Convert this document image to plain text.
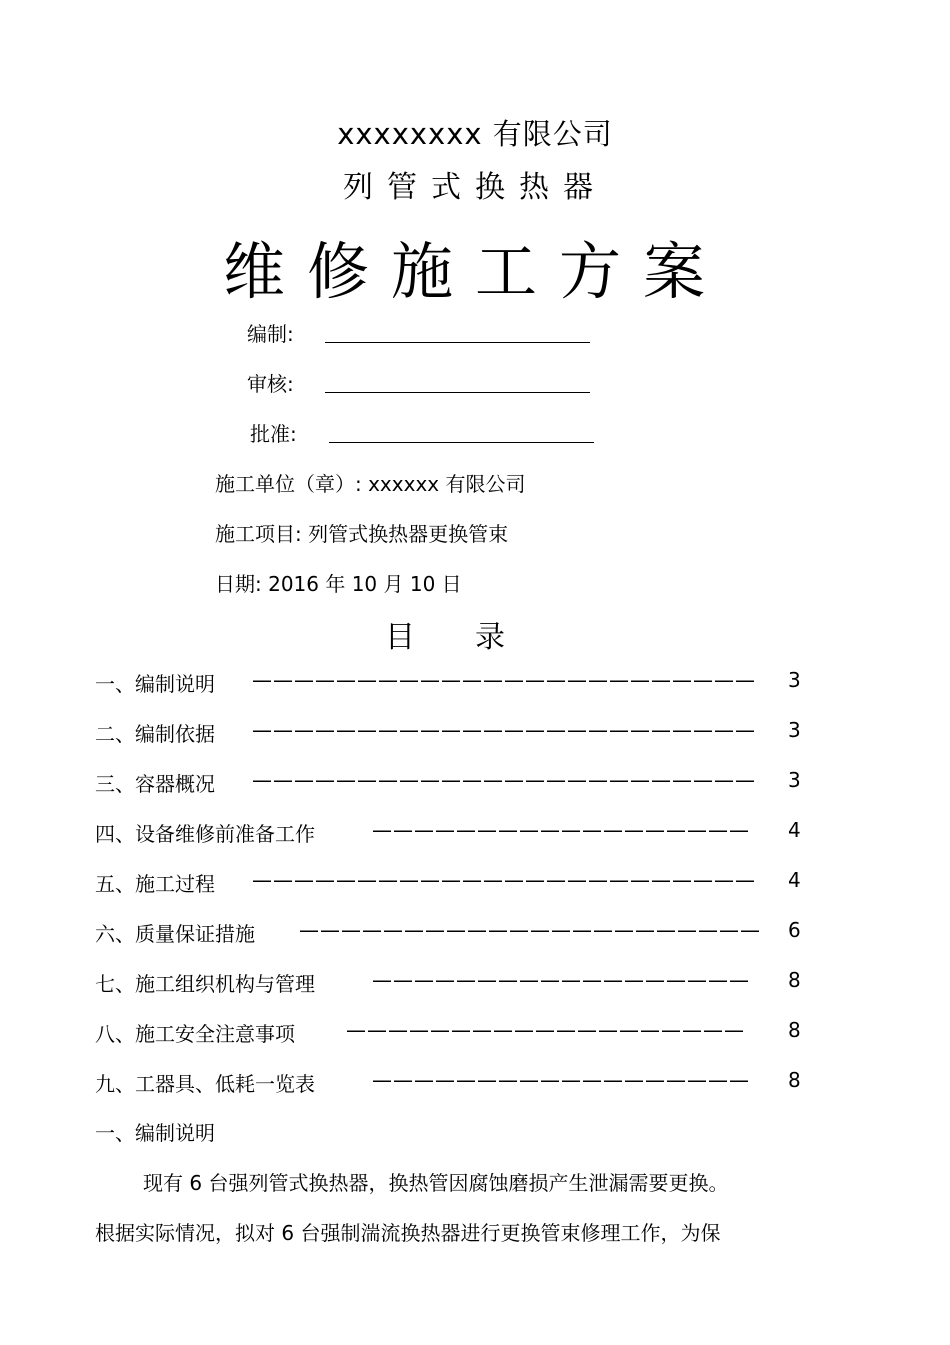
xxxxxxxx 有限公司
列管式换热器
维修施工方案
编制:
审核:
批准:
施工单位（章）: xxxxxx 有限公司
施工项目: 列管式换热器更换管束
日期: 2016 年 10 月 10 日
目录
一、编制说明 ———————————————————————— 3
二、编制依据 ———————————————————————— 3
三、容器概况 ———————————————————————— 3
四、设备维修前准备工作	—————————————————— 4
五、施工过程 ———————————————————————— 4
六、质量保证措施 —————————————————————— 6
七、施工组织机构与管理	—————————————————— 8
八、施工安全注意事项	——————————————————— 8
九、工器具、低耗一览表	—————————————————— 8
一、编制说明
现有 6 台强列管式换热器，换热管因腐蚀磨损产生泄漏需要更换。
根据实际情况，拟对 6 台强制湍流换热器进行更换管束修理工作，为保
